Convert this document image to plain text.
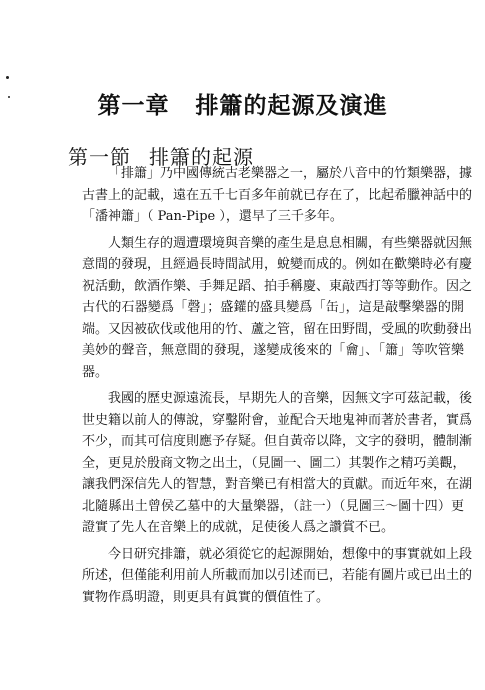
第一章 排簫的起源及演進
第一節 排簫的起源
「排簫」乃中國傳統古老樂器之一，屬於八音中的竹類樂器，據
古書上的記載，遠在五千七百多年前就已存在了，比起希臘神話中的
「潘神簫」（ Pan-Pipe ），還早了三千多年。
人類生存的週遭環境與音樂的產生是息息相關，有些樂器就因無
意間的發現，且經過長時間試用，蛻變而成的。例如在歡樂時必有慶
祝活動，飲酒作樂、手舞足蹈、拍手稱慶、東敲西打等等動作。因之
古代的石器變爲「磬」；盛鑵的盛具變爲「缶」，這是敲擊樂器的開
端。又因被砍伐或他用的竹、蘆之管，留在田野間，受風的吹動發出
美妙的聲音，無意間的發現，遂變成後來的「龠」、「簫」等吹管樂
器。
我國的歷史源遠流長，早期先人的音樂，因無文字可茲記載，後
世史籍以前人的傳說，穿鑿附會，並配合天地鬼神而著於書者，實爲
不少，而其可信度則應予存疑。但自黃帝以降，文字的發明，體制漸
全，更見於殷商文物之出土，（見圖一、圖二）其製作之精巧美觀，
讓我們深信先人的智慧，對音樂已有相當大的貢獻。而近年來，在湖
北隨縣出土曾侯乙墓中的大量樂器，（註一）（見圖三～圖十四）更
證實了先人在音樂上的成就，足使後人爲之讚賞不已。
今日研究排簫，就必須從它的起源開始，想像中的事實就如上段
所述，但僅能利用前人所載而加以引述而已，若能有圖片或已出土的
實物作爲明證，則更具有眞實的價值性了。
